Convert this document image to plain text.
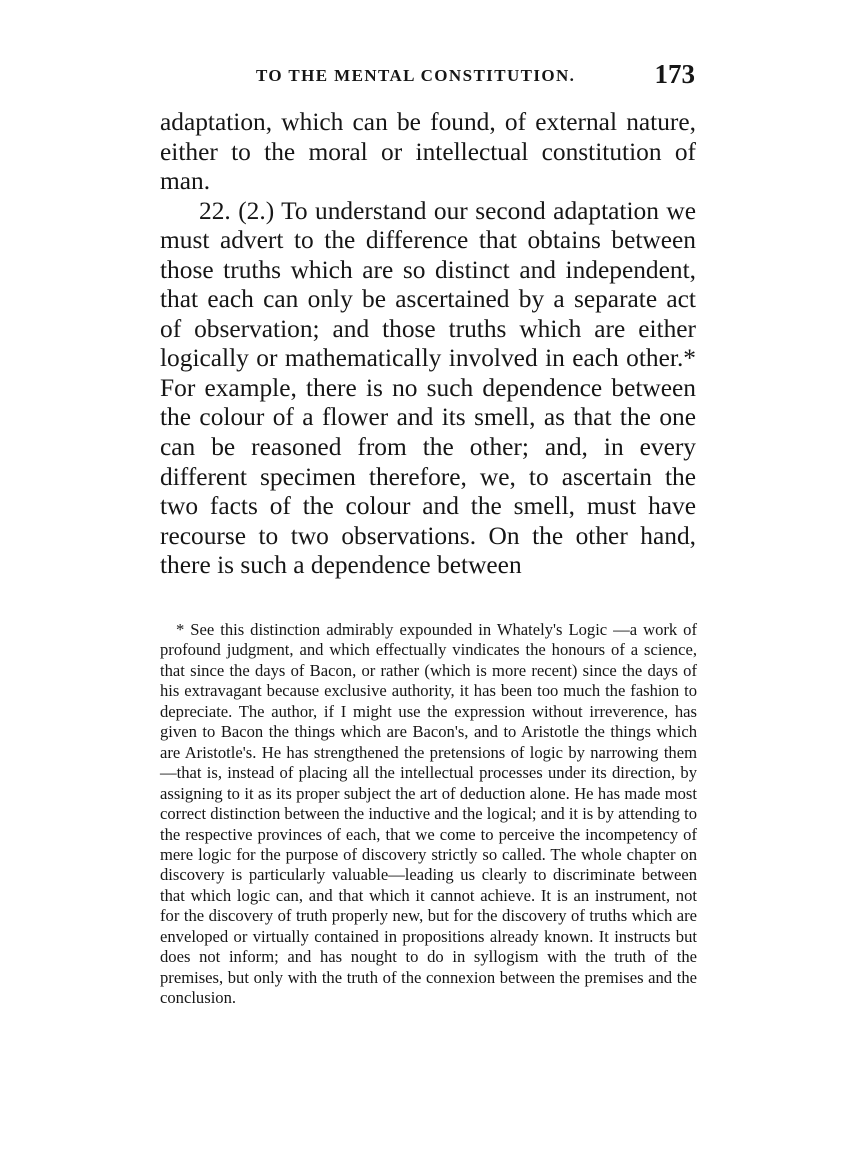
TO THE MENTAL CONSTITUTION.	173

adaptation, which can be found, of external nature, either to the moral or intellectual constitution of man.

22. (2.) To understand our second adaptation we must advert to the difference that obtains between those truths which are so distinct and independent, that each can only be ascertained by a separate act of observation; and those truths which are either logically or mathematically involved in each other.* For example, there is no such dependence between the colour of a flower and its smell, as that the one can be reasoned from the other; and, in every different specimen therefore, we, to ascertain the two facts of the colour and the smell, must have recourse to two observations. On the other hand, there is such a dependence between

* See this distinction admirably expounded in Whately's Logic —a work of profound judgment, and which effectually vindicates the honours of a science, that since the days of Bacon, or rather (which is more recent) since the days of his extravagant because exclusive authority, it has been too much the fashion to depreciate. The author, if I might use the expression without irreverence, has given to Bacon the things which are Bacon's, and to Aristotle the things which are Aristotle's. He has strengthened the pretensions of logic by narrowing them—that is, instead of placing all the intellectual processes under its direction, by assigning to it as its proper subject the art of deduction alone. He has made most correct distinction between the inductive and the logical; and it is by attending to the respective provinces of each, that we come to perceive the incompetency of mere logic for the purpose of discovery strictly so called. The whole chapter on discovery is particularly valuable—leading us clearly to discriminate between that which logic can, and that which it cannot achieve. It is an instrument, not for the discovery of truth properly new, but for the discovery of truths which are enveloped or virtually contained in propositions already known. It instructs but does not inform; and has nought to do in syllogism with the truth of the premises, but only with the truth of the connexion between the premises and the conclusion.
